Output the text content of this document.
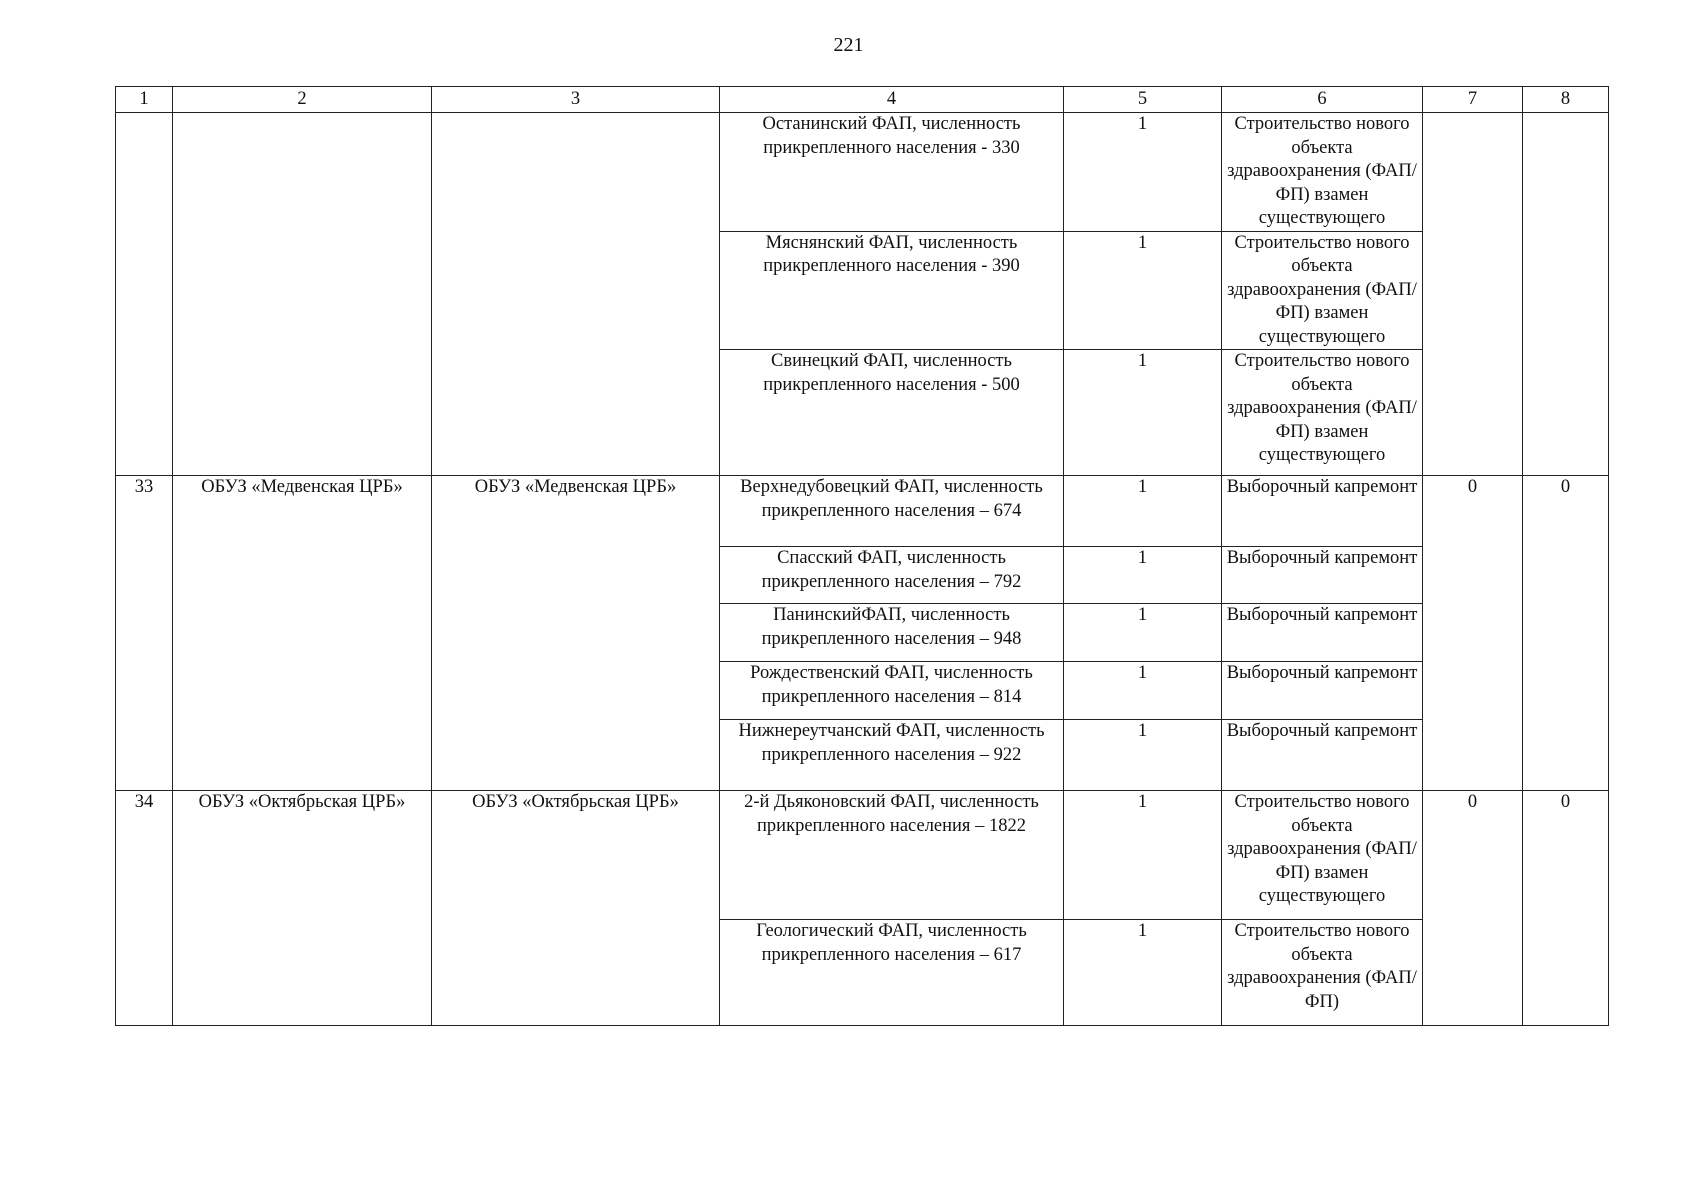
221
1	2	3	4	5	6	7	8
			Останинский ФАП, численность прикрепленного населения - 330	1	Строительство нового объекта здравоохранения (ФАП/ФП) взамен существующего		
			Мяснянский ФАП, численность прикрепленного населения - 390	1	Строительство нового объекта здравоохранения (ФАП/ФП) взамен существующего		
			Свинецкий ФАП, численность прикрепленного населения - 500	1	Строительство нового объекта здравоохранения (ФАП/ФП) взамен существующего		
33	ОБУЗ «Медвенская ЦРБ»	ОБУЗ «Медвенская ЦРБ»	Верхнедубовецкий ФАП, численность прикрепленного населения – 674	1	Выборочный капремонт	0	0
			Спасский ФАП, численность прикрепленного населения – 792	1	Выборочный капремонт		
			ПанинскийФАП, численность прикрепленного населения – 948	1	Выборочный капремонт		
			Рождественский ФАП, численность прикрепленного населения – 814	1	Выборочный капремонт		
			Нижнереутчанский ФАП, численность прикрепленного населения – 922	1	Выборочный капремонт		
34	ОБУЗ «Октябрьская ЦРБ»	ОБУЗ «Октябрьская ЦРБ»	2-й Дьяконовский ФАП, численность прикрепленного населения – 1822	1	Строительство нового объекта здравоохранения (ФАП/ФП) взамен существующего	0	0
			Геологический ФАП, численность прикрепленного населения – 617	1	Строительство нового объекта здравоохранения (ФАП/ФП)		
